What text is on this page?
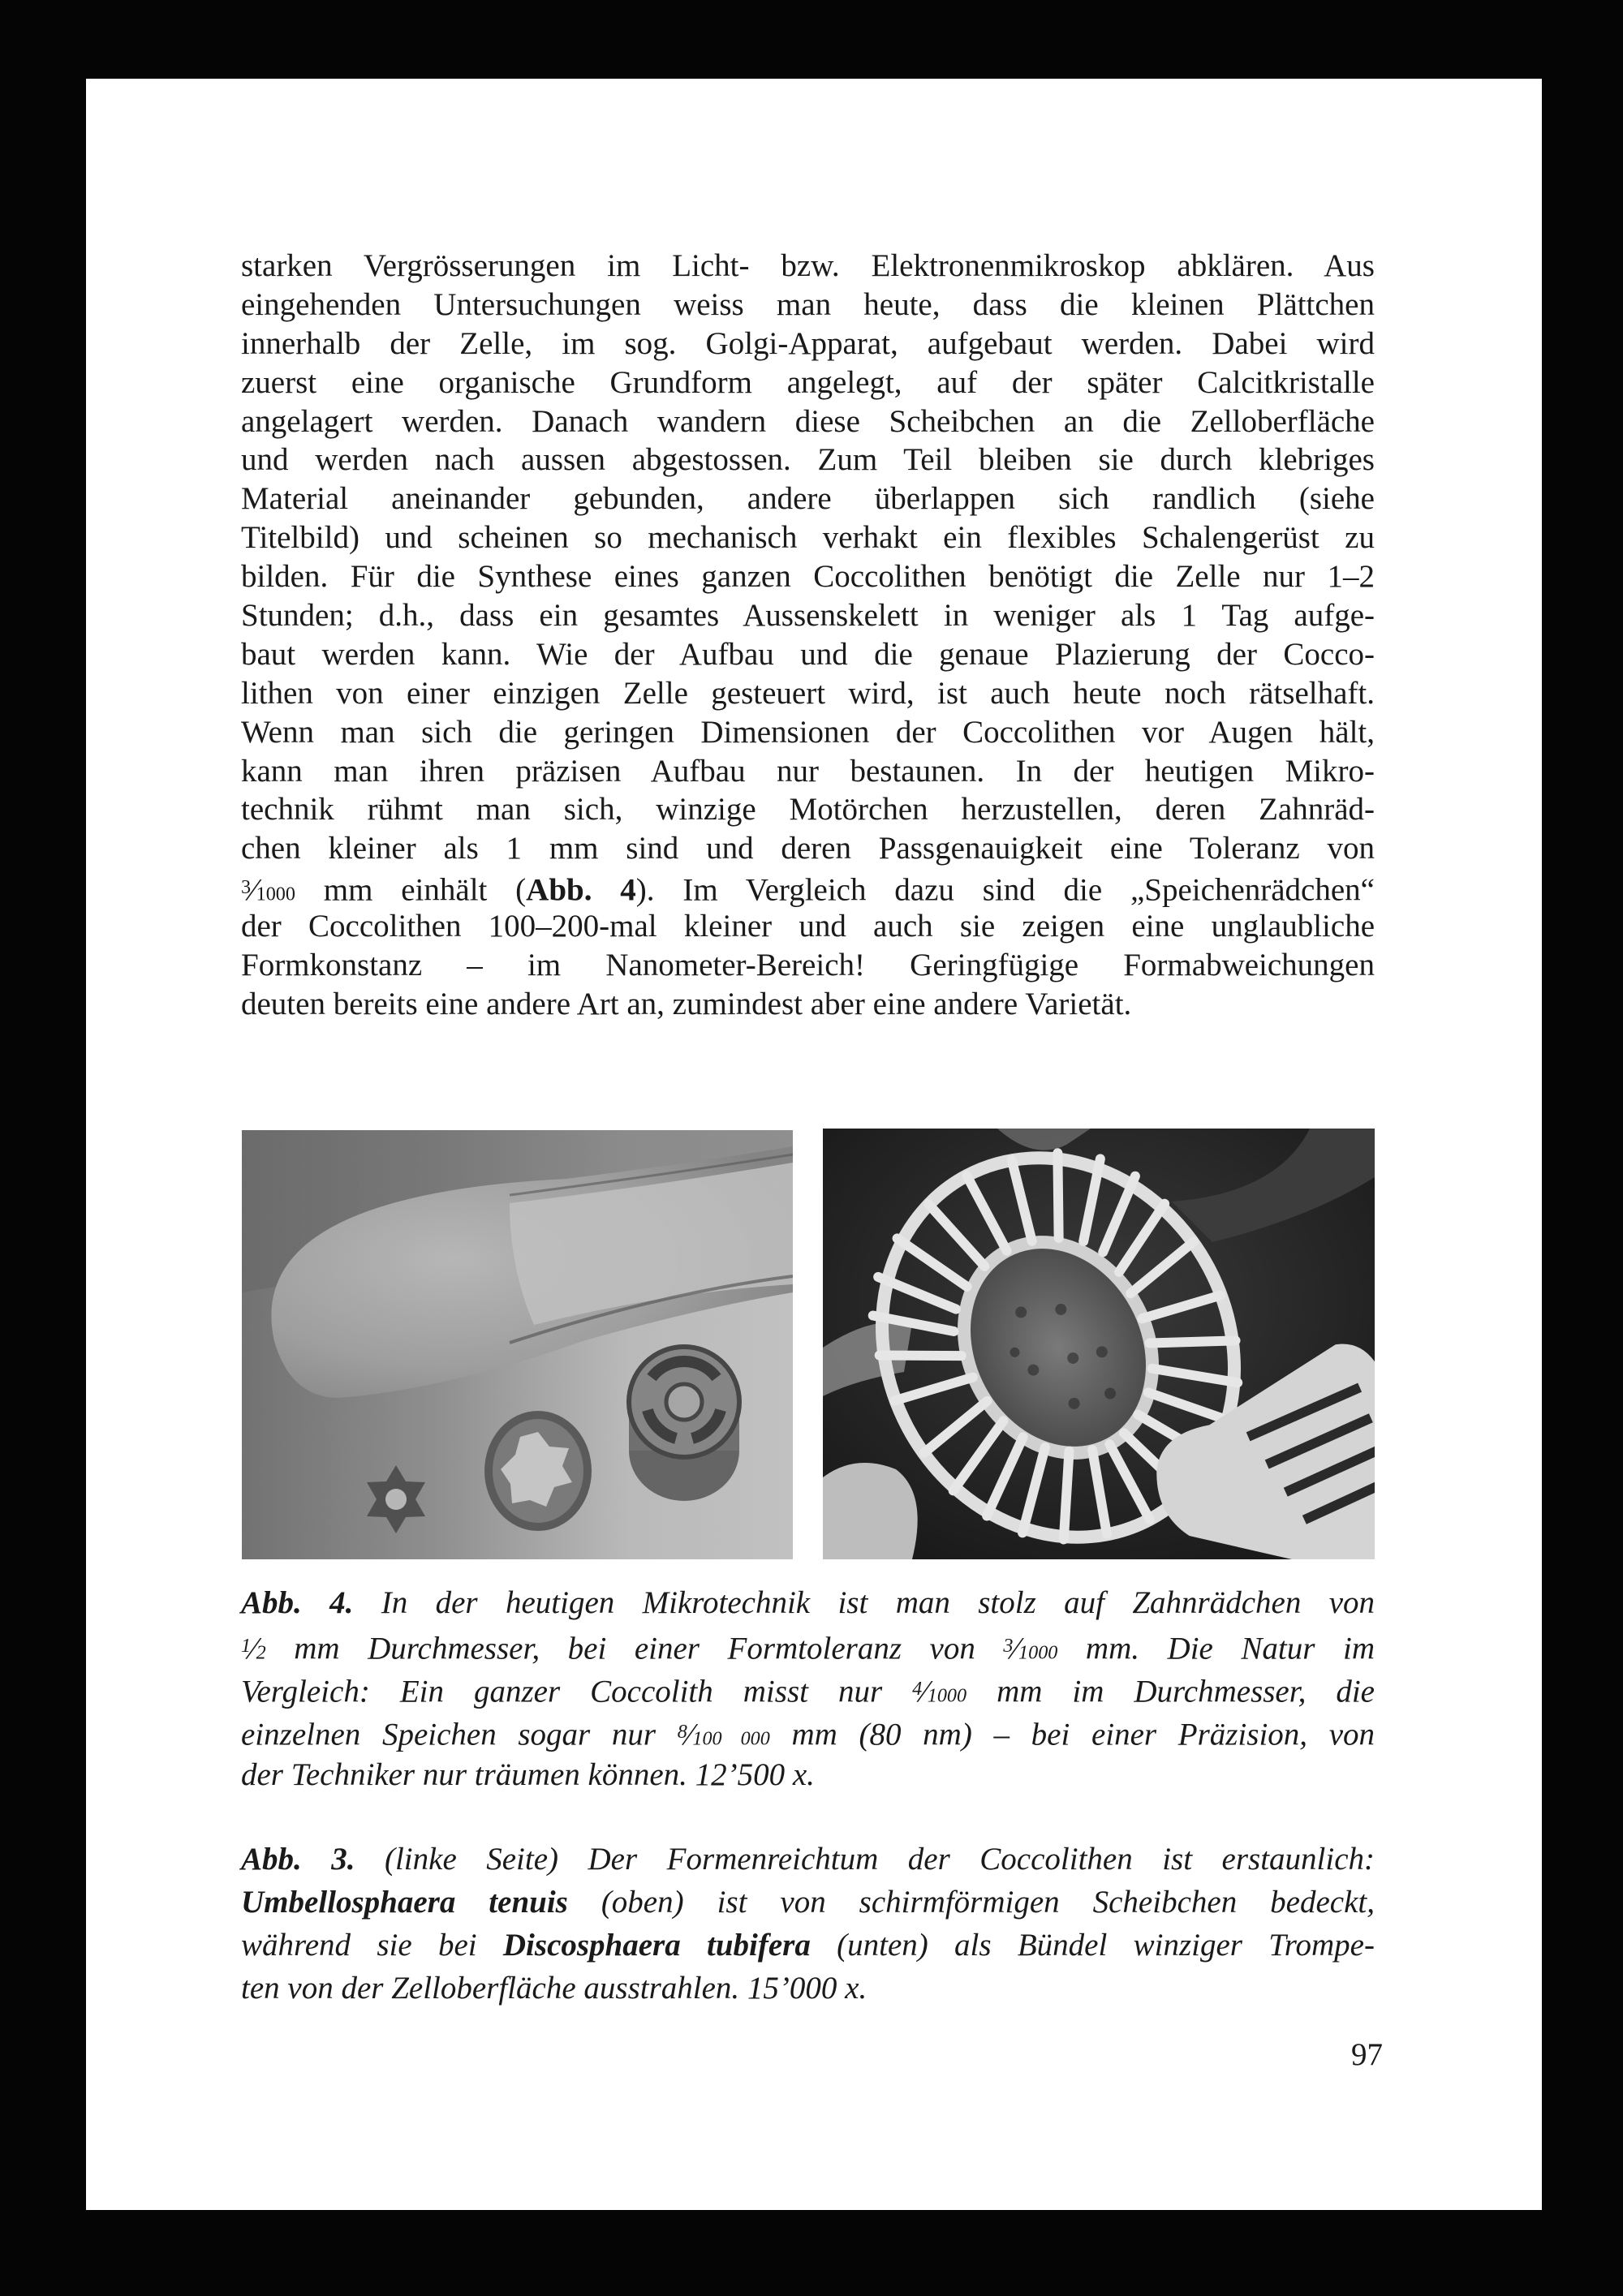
starken Vergrösserungen im Licht- bzw. Elektronenmikroskop abklären. Aus
eingehenden Untersuchungen weiss man heute, dass die kleinen Plättchen
innerhalb der Zelle, im sog. Golgi-Apparat, aufgebaut werden. Dabei wird
zuerst eine organische Grundform angelegt, auf der später Calcitkristalle
angelagert werden. Danach wandern diese Scheibchen an die Zelloberfläche
und werden nach aussen abgestossen. Zum Teil bleiben sie durch klebriges
Material aneinander gebunden, andere überlappen sich randlich (siehe
Titelbild) und scheinen so mechanisch verhakt ein flexibles Schalengerüst zu
bilden. Für die Synthese eines ganzen Coccolithen benötigt die Zelle nur 1–2
Stunden; d.h., dass ein gesamtes Aussenskelett in weniger als 1 Tag aufge-
baut werden kann. Wie der Aufbau und die genaue Plazierung der Cocco-
lithen von einer einzigen Zelle gesteuert wird, ist auch heute noch rätselhaft.
Wenn man sich die geringen Dimensionen der Coccolithen vor Augen hält,
kann man ihren präzisen Aufbau nur bestaunen. In der heutigen Mikro-
technik rühmt man sich, winzige Motörchen herzustellen, deren Zahnräd-
chen kleiner als 1 mm sind und deren Passgenauigkeit eine Toleranz von
$^3$⁄1000 mm einhält (Abb. 4). Im Vergleich dazu sind die „Speichenrädchen“
der Coccolithen 100–200-mal kleiner und auch sie zeigen eine unglaubliche
Formkonstanz – im Nanometer-Bereich! Geringfügige Formabweichungen
deuten bereits eine andere Art an, zumindest aber eine andere Varietät.
Abb. 4. In der heutigen Mikrotechnik ist man stolz auf Zahnrädchen von
$^1$⁄2 mm Durchmesser, bei einer Formtoleranz von $^3$⁄1000 mm. Die Natur im
Vergleich: Ein ganzer Coccolith misst nur $^4$⁄1000 mm im Durchmesser, die
einzelnen Speichen sogar nur $^8$⁄100 000 mm (80 nm) – bei einer Präzision, von
der Techniker nur träumen können. 12’500 x.
Abb. 3. (linke Seite) Der Formenreichtum der Coccolithen ist erstaunlich:
Umbellosphaera tenuis (oben) ist von schirmförmigen Scheibchen bedeckt,
während sie bei Discosphaera tubifera (unten) als Bündel winziger Trompe-
ten von der Zelloberfläche ausstrahlen. 15’000 x.
97
